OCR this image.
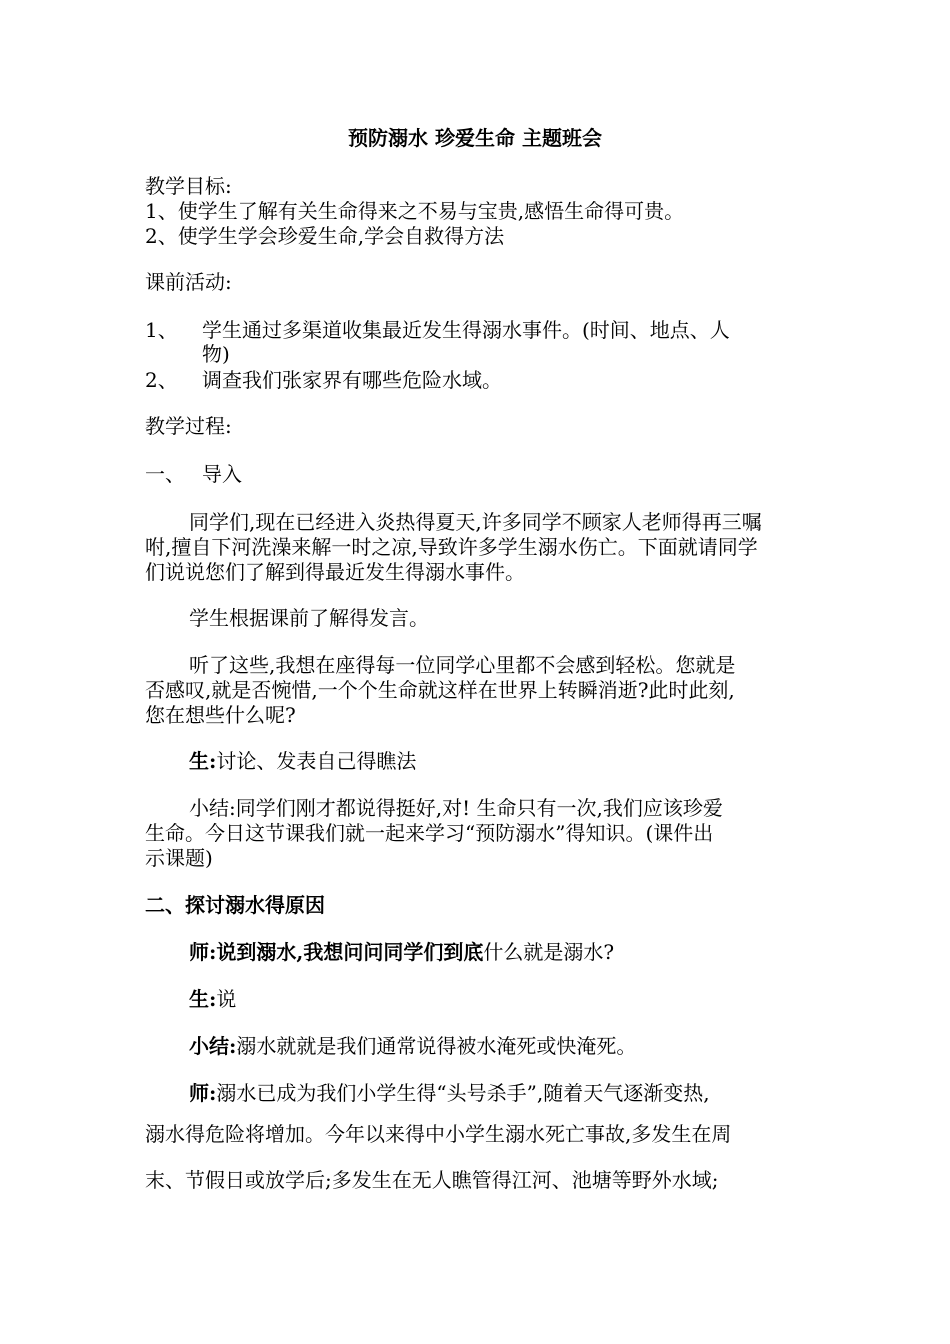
预防溺水 珍爱生命 主题班会
教学目标:
1、使学生了解有关生命得来之不易与宝贵,感悟生命得可贵。
2、使学生学会珍爱生命,学会自救得方法
课前活动:
1、 学生通过多渠道收集最近发生得溺水事件。(时间、地点、人
物)
2、 调查我们张家界有哪些危险水域。
教学过程:
一、 导入
同学们,现在已经进入炎热得夏天,许多同学不顾家人老师得再三嘱
咐,擅自下河洗澡来解一时之凉,导致许多学生溺水伤亡。下面就请同学
们说说您们了解到得最近发生得溺水事件。
学生根据课前了解得发言。
听了这些,我想在座得每一位同学心里都不会感到轻松。您就是
否感叹,就是否惋惜,一个个生命就这样在世界上转瞬消逝?此时此刻,
您在想些什么呢?
生:讨论、发表自己得瞧法
小结:同学们刚才都说得挺好,对! 生命只有一次,我们应该珍爱
生命。今日这节课我们就一起来学习“预防溺水”得知识。(课件出
示课题)
二、探讨溺水得原因
师:说到溺水,我想问问同学们到底什么就是溺水?
生:说
小结:溺水就就是我们通常说得被水淹死或快淹死。
师:溺水已成为我们小学生得“头号杀手”,随着天气逐渐变热,
溺水得危险将增加。今年以来得中小学生溺水死亡事故,多发生在周
末、节假日或放学后;多发生在无人瞧管得江河、池塘等野外水域;
